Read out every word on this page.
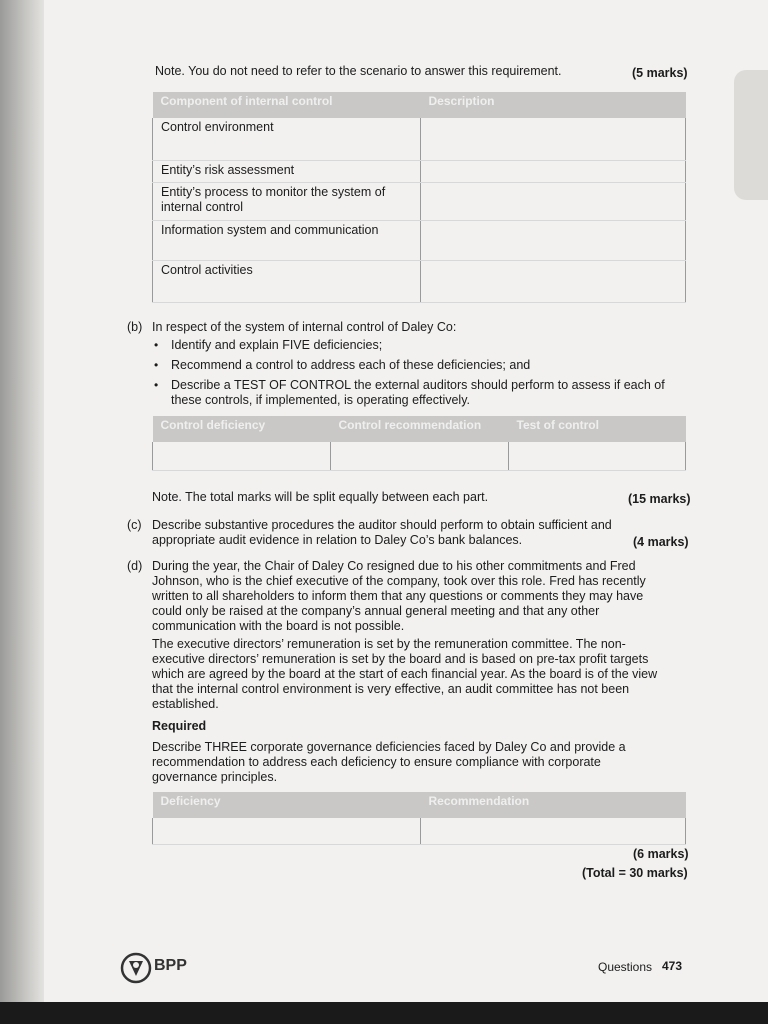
Note. You do not need to refer to the scenario to answer this requirement.	(5 marks)
Component of internal control	Description
Control environment	
Entity’s risk assessment	
Entity’s process to monitor the system of internal control	
Information system and communication	
Control activities	
(b) In respect of the system of internal control of Daley Co:
• Identify and explain FIVE deficiencies;
• Recommend a control to address each of these deficiencies; and
• Describe a TEST OF CONTROL the external auditors should perform to assess if each of these controls, if implemented, is operating effectively.
Control deficiency	Control recommendation	Test of control

Note. The total marks will be split equally between each part.	(15 marks)
(c) Describe substantive procedures the auditor should perform to obtain sufficient and appropriate audit evidence in relation to Daley Co’s bank balances.	(4 marks)
(d) During the year, the Chair of Daley Co resigned due to his other commitments and Fred Johnson, who is the chief executive of the company, took over this role. Fred has recently written to all shareholders to inform them that any questions or comments they may have could only be raised at the company’s annual general meeting and that any other communication with the board is not possible.
The executive directors’ remuneration is set by the remuneration committee. The non-executive directors’ remuneration is set by the board and is based on pre-tax profit targets which are agreed by the board at the start of each financial year. As the board is of the view that the internal control environment is very effective, an audit committee has not been established.
Required
Describe THREE corporate governance deficiencies faced by Daley Co and provide a recommendation to address each deficiency to ensure compliance with corporate governance principles.
Deficiency	Recommendation

(6 marks)
(Total = 30 marks)
BPP	Questions 473
